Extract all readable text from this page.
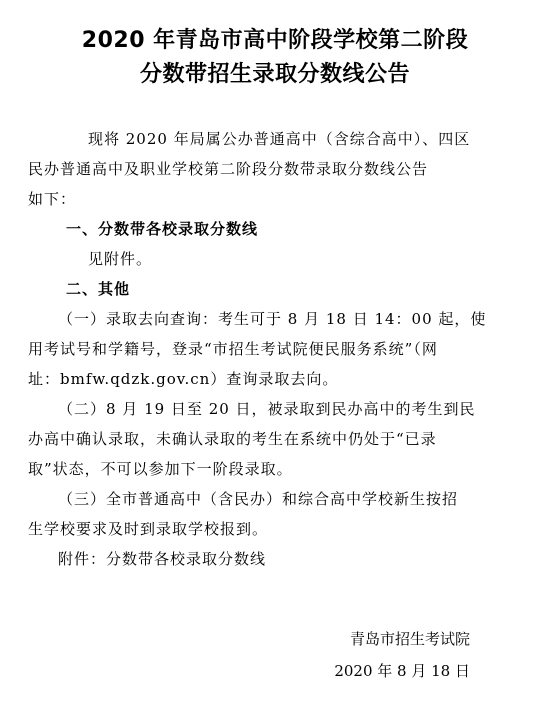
2020 年青岛市高中阶段学校第二阶段
分数带招生录取分数线公告
现将 2020 年局属公办普通高中（含综合高中）、四区
民办普通高中及职业学校第二阶段分数带录取分数线公告
如下：
一、分数带各校录取分数线
见附件。
二、其他
（一）录取去向查询：考生可于 8 月 18 日 14：00 起，使
用考试号和学籍号，登录“市招生考试院便民服务系统”（网
址：bmfw.qdzk.gov.cn）查询录取去向。
（二）8 月 19 日至 20 日，被录取到民办高中的考生到民
办高中确认录取，未确认录取的考生在系统中仍处于“已录
取”状态，不可以参加下一阶段录取。
（三）全市普通高中（含民办）和综合高中学校新生按招
生学校要求及时到录取学校报到。
附件：分数带各校录取分数线
青岛市招生考试院
2020 年 8 月 18 日
